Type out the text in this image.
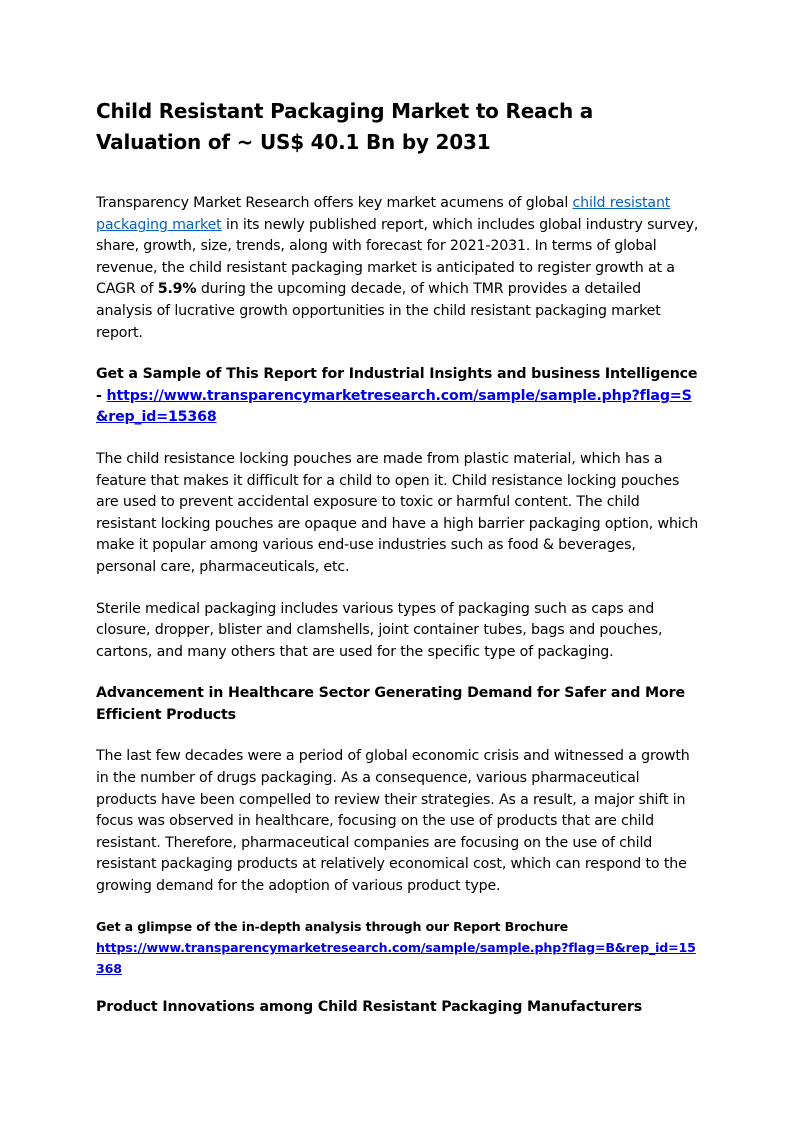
Child Resistant Packaging Market to Reach a Valuation of ~ US$ 40.1 Bn by 2031

Transparency Market Research offers key market acumens of global child resistant packaging market in its newly published report, which includes global industry survey, share, growth, size, trends, along with forecast for 2021-2031. In terms of global revenue, the child resistant packaging market is anticipated to register growth at a CAGR of 5.9% during the upcoming decade, of which TMR provides a detailed analysis of lucrative growth opportunities in the child resistant packaging market report.

Get a Sample of This Report for Industrial Insights and business Intelligence - https://www.transparencymarketresearch.com/sample/sample.php?flag=S&rep_id=15368

The child resistance locking pouches are made from plastic material, which has a feature that makes it difficult for a child to open it. Child resistance locking pouches are used to prevent accidental exposure to toxic or harmful content. The child resistant locking pouches are opaque and have a high barrier packaging option, which make it popular among various end-use industries such as food & beverages, personal care, pharmaceuticals, etc.

Sterile medical packaging includes various types of packaging such as caps and closure, dropper, blister and clamshells, joint container tubes, bags and pouches, cartons, and many others that are used for the specific type of packaging.

Advancement in Healthcare Sector Generating Demand for Safer and More Efficient Products

The last few decades were a period of global economic crisis and witnessed a growth in the number of drugs packaging. As a consequence, various pharmaceutical products have been compelled to review their strategies. As a result, a major shift in focus was observed in healthcare, focusing on the use of products that are child resistant. Therefore, pharmaceutical companies are focusing on the use of child resistant packaging products at relatively economical cost, which can respond to the growing demand for the adoption of various product type.

Get a glimpse of the in-depth analysis through our Report Brochure

https://www.transparencymarketresearch.com/sample/sample.php?flag=B&rep_id=15368

Product Innovations among Child Resistant Packaging Manufacturers
